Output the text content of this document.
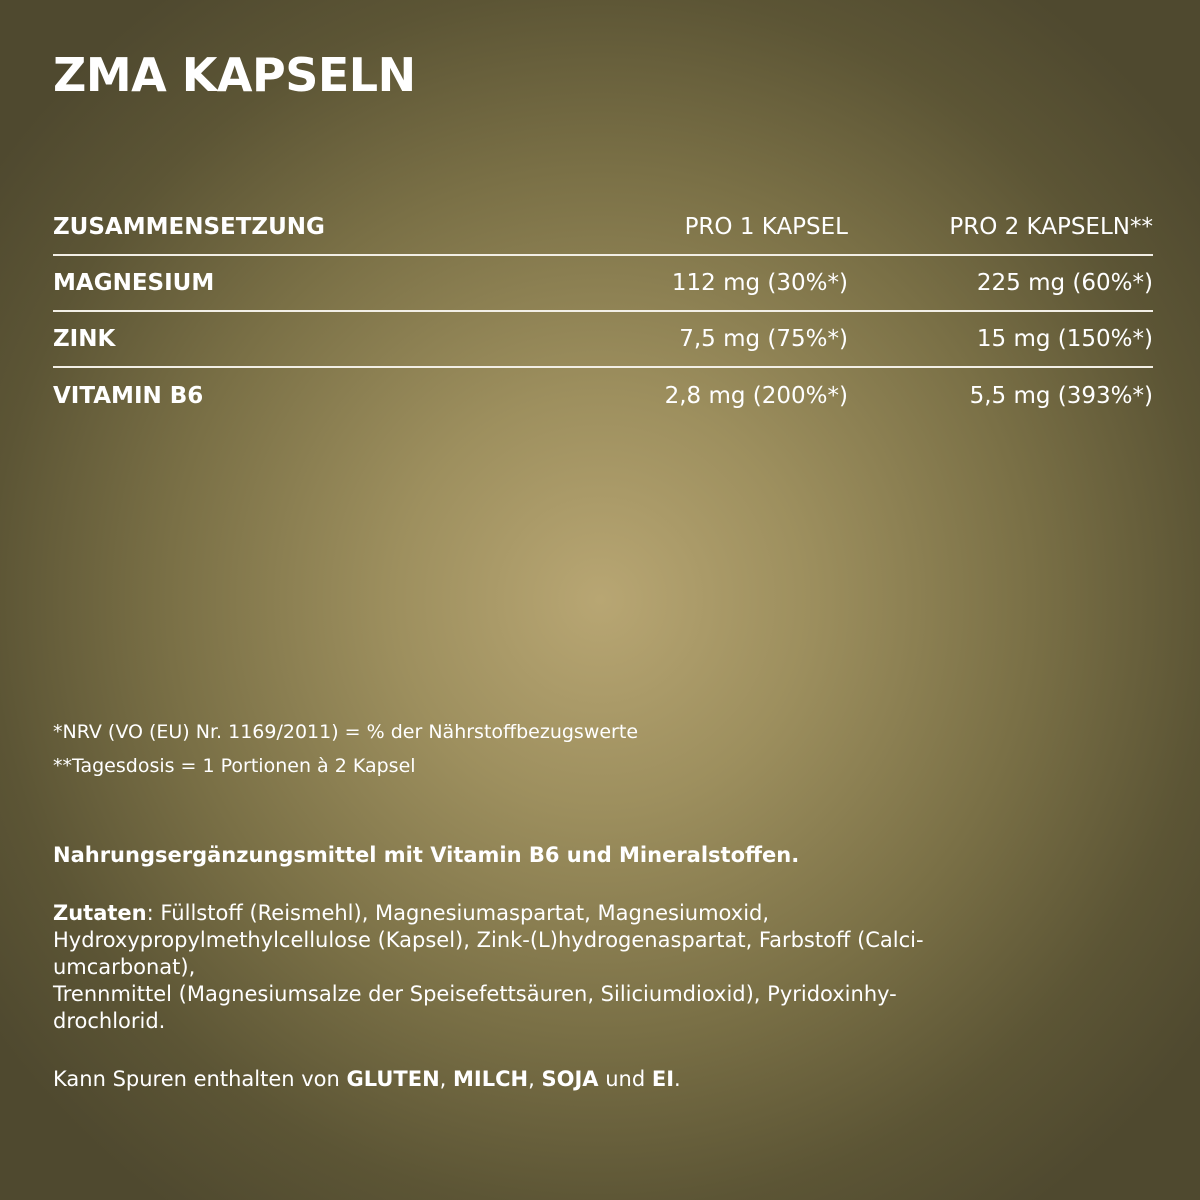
ZMA KAPSELN
ZUSAMMENSETZUNG	PRO 1 KAPSEL	PRO 2 KAPSELN**
MAGNESIUM	112 mg (30%*)	225 mg (60%*)
ZINK	7,5 mg (75%*)	15 mg (150%*)
VITAMIN B6	2,8 mg (200%*)	5,5 mg (393%*)
*NRV (VO (EU) Nr. 1169/2011) = % der Nährstoffbezugswerte
**Tagesdosis = 1 Portionen à 2 Kapsel
Nahrungsergänzungsmittel mit Vitamin B6 und Mineralstoffen.
Zutaten: Füllstoff (Reismehl), Magnesiumaspartat, Magnesiumoxid,
Hydroxypropylmethylcellulose (Kapsel), Zink-(L)hydrogenaspartat, Farbstoff (Calci-
umcarbonat),
Trennmittel (Magnesiumsalze der Speisefettsäuren, Siliciumdioxid), Pyridoxinhy-
drochlorid.
Kann Spuren enthalten von GLUTEN, MILCH, SOJA und EI.
